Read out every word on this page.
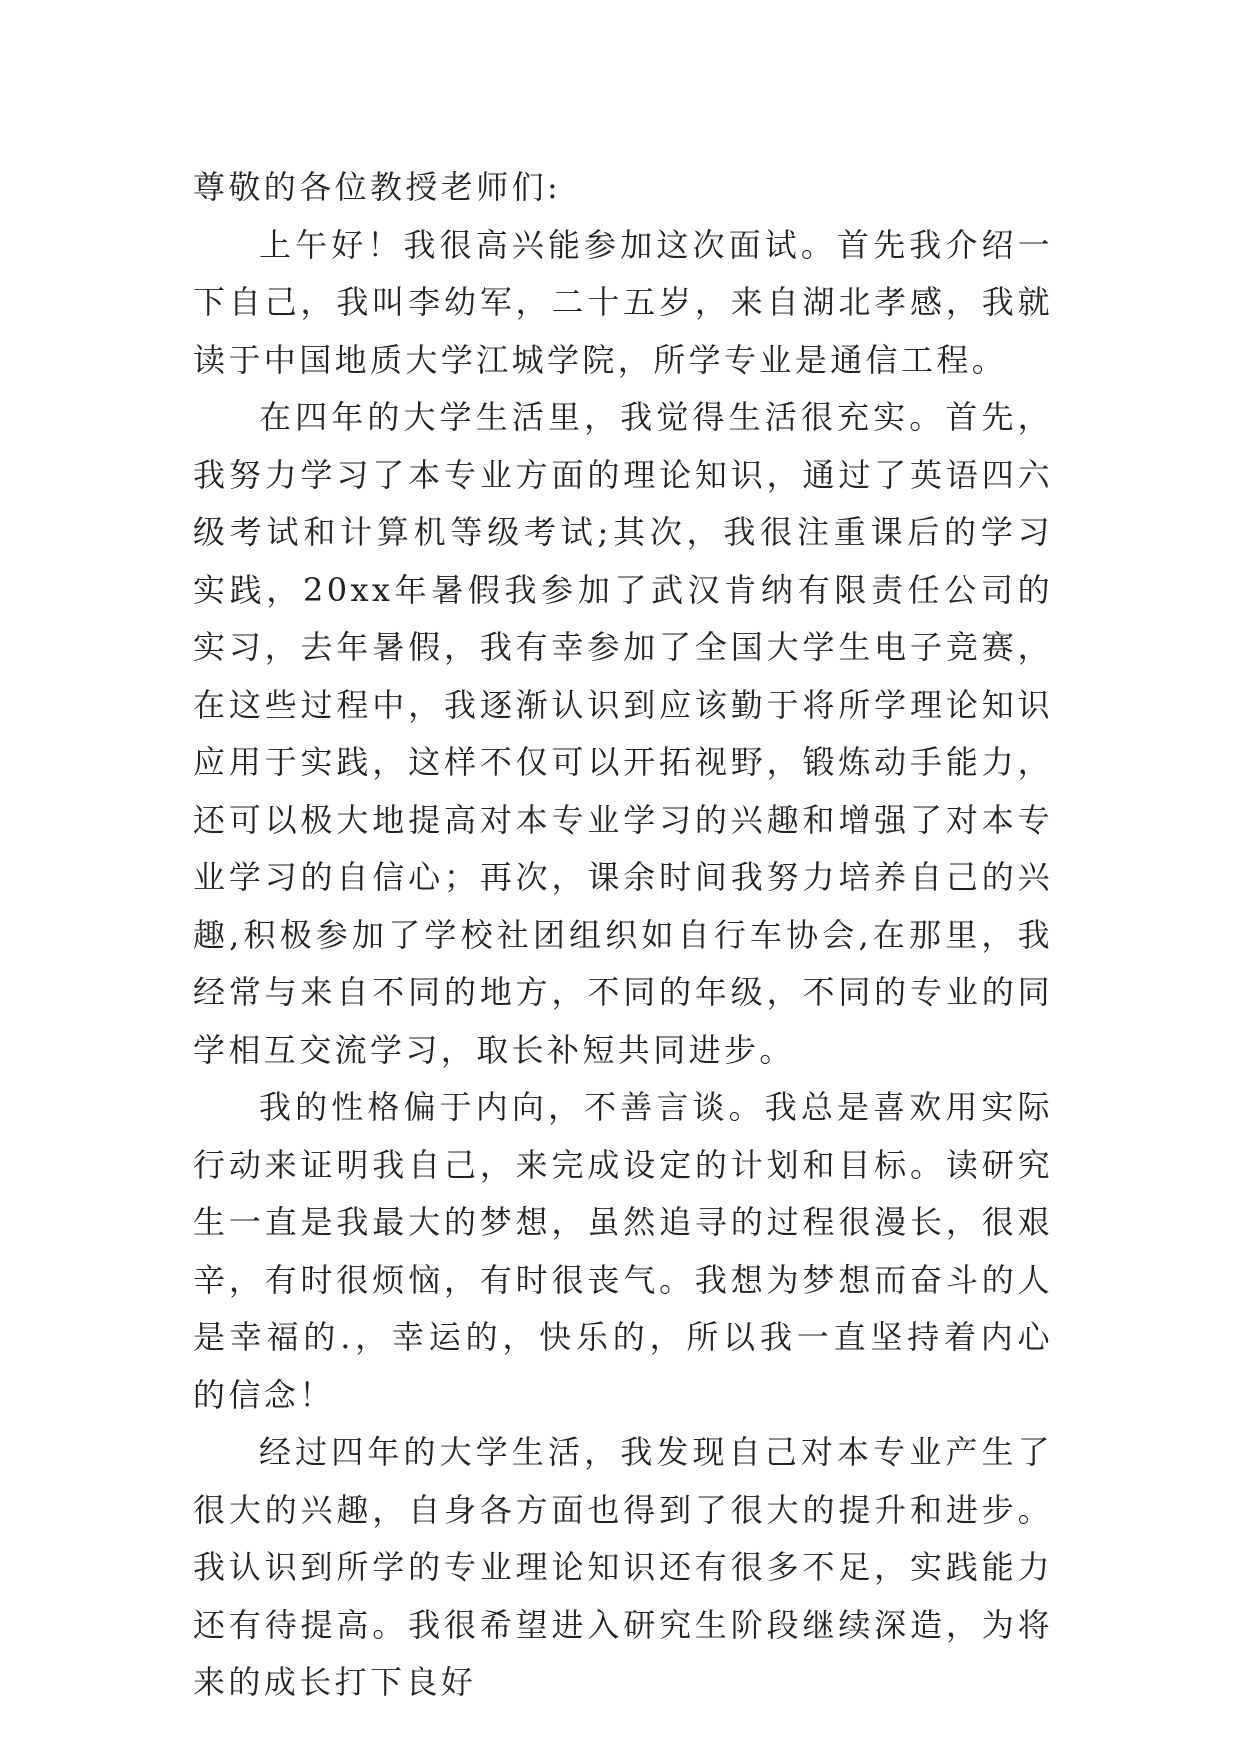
尊敬的各位教授老师们:

上午好！我很高兴能参加这次面试。首先我介绍一下自己，我叫李幼军，二十五岁，来自湖北孝感，我就读于中国地质大学江城学院，所学专业是通信工程。

在四年的大学生活里，我觉得生活很充实。首先，我努力学习了本专业方面的理论知识，通过了英语四六级考试和计算机等级考试;其次，我很注重课后的学习实践，20xx年暑假我参加了武汉肯纳有限责任公司的实习，去年暑假，我有幸参加了全国大学生电子竞赛，在这些过程中，我逐渐认识到应该勤于将所学理论知识应用于实践，这样不仅可以开拓视野，锻炼动手能力，还可以极大地提高对本专业学习的兴趣和增强了对本专业学习的自信心；再次，课余时间我努力培养自己的兴趣,积极参加了学校社团组织如自行车协会,在那里，我经常与来自不同的地方，不同的年级，不同的专业的同学相互交流学习，取长补短共同进步。

我的性格偏于内向，不善言谈。我总是喜欢用实际行动来证明我自己，来完成设定的计划和目标。读研究生一直是我最大的梦想，虽然追寻的过程很漫长，很艰辛，有时很烦恼，有时很丧气。我想为梦想而奋斗的人是幸福的.，幸运的，快乐的，所以我一直坚持着内心的信念！

经过四年的大学生活，我发现自己对本专业产生了很大的兴趣，自身各方面也得到了很大的提升和进步。我认识到所学的专业理论知识还有很多不足，实践能力还有待提高。我很希望进入研究生阶段继续深造，为将来的成长打下良好
